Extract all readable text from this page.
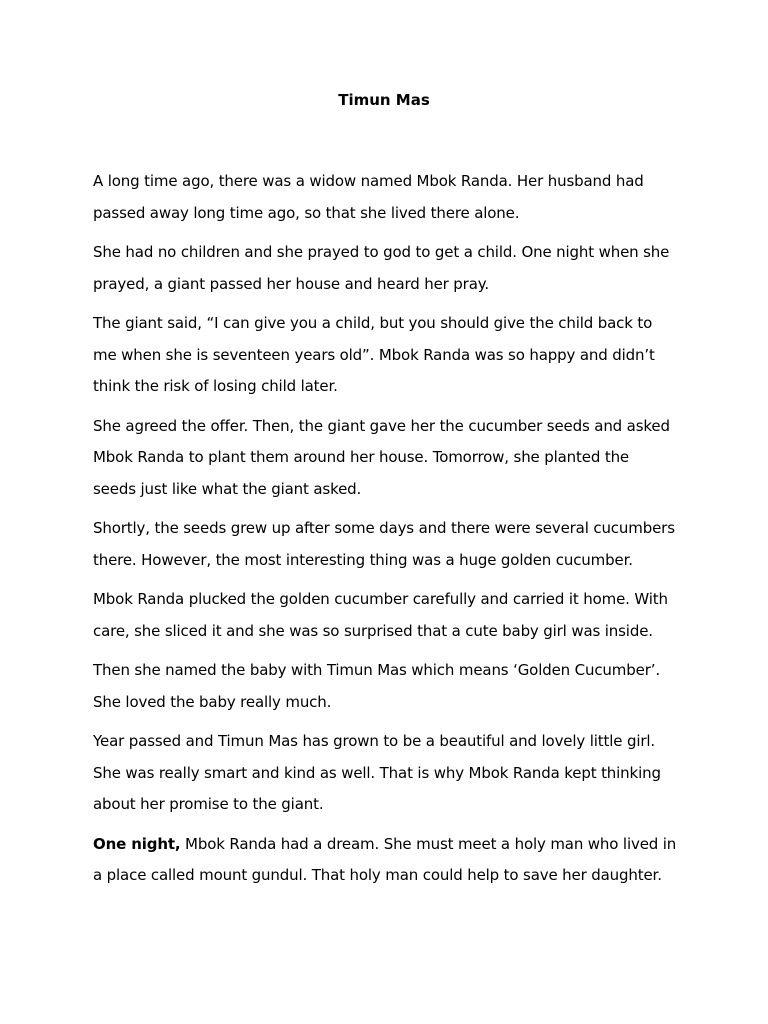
Timun Mas

A long time ago, there was a widow named Mbok Randa. Her husband had
passed away long time ago, so that she lived there alone.

She had no children and she prayed to god to get a child. One night when she
prayed, a giant passed her house and heard her pray.

The giant said, “I can give you a child, but you should give the child back to
me when she is seventeen years old”. Mbok Randa was so happy and didn’t
think the risk of losing child later.

She agreed the offer. Then, the giant gave her the cucumber seeds and asked
Mbok Randa to plant them around her house. Tomorrow, she planted the
seeds just like what the giant asked.

Shortly, the seeds grew up after some days and there were several cucumbers
there. However, the most interesting thing was a huge golden cucumber.

Mbok Randa plucked the golden cucumber carefully and carried it home. With
care, she sliced it and she was so surprised that a cute baby girl was inside.

Then she named the baby with Timun Mas which means ‘Golden Cucumber’.
She loved the baby really much.

Year passed and Timun Mas has grown to be a beautiful and lovely little girl.
She was really smart and kind as well. That is why Mbok Randa kept thinking
about her promise to the giant.

One night, Mbok Randa had a dream. She must meet a holy man who lived in
a place called mount gundul. That holy man could help to save her daughter.
